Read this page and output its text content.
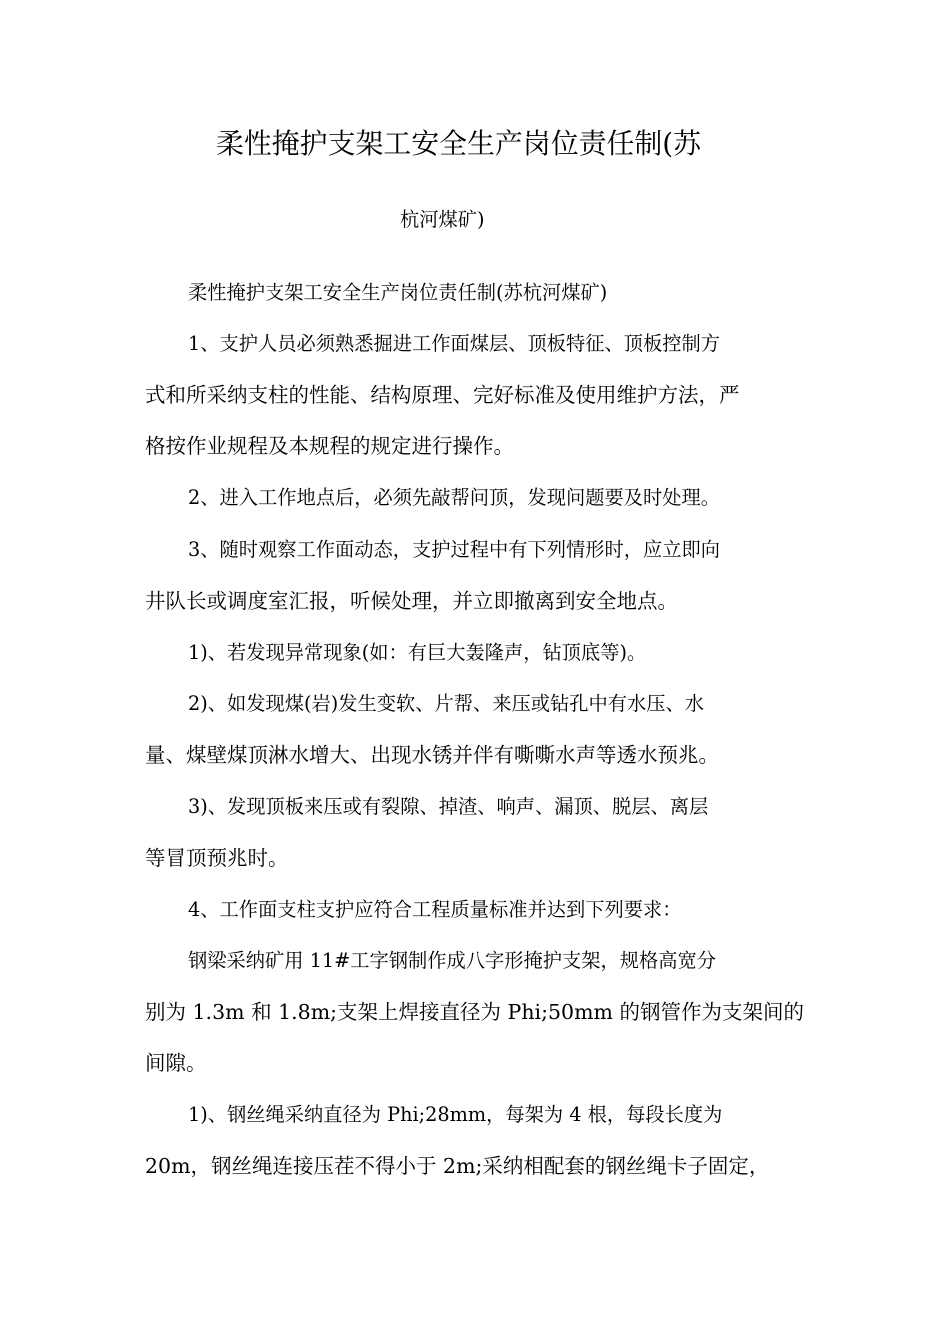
柔性掩护支架工安全生产岗位责任制(苏
杭河煤矿)

柔性掩护支架工安全生产岗位责任制(苏杭河煤矿)

1、支护人员必须熟悉掘进工作面煤层、顶板特征、顶板控制方

式和所采纳支柱的性能、结构原理、完好标准及使用维护方法，严

格按作业规程及本规程的规定进行操作。

2、进入工作地点后，必须先敲帮问顶，发现问题要及时处理。

3、随时观察工作面动态，支护过程中有下列情形时，应立即向

井队长或调度室汇报，听候处理，并立即撤离到安全地点。

1)、若发现异常现象(如：有巨大轰隆声，钻顶底等)。

2)、如发现煤(岩)发生变软、片帮、来压或钻孔中有水压、水

量、煤壁煤顶淋水增大、出现水锈并伴有嘶嘶水声等透水预兆。

3)、发现顶板来压或有裂隙、掉渣、响声、漏顶、脱层、离层

等冒顶预兆时。

4、工作面支柱支护应符合工程质量标准并达到下列要求：

钢梁采纳矿用 11#工字钢制作成八字形掩护支架，规格高宽分

别为 1.3m 和 1.8m;支架上焊接直径为 Phi;50mm 的钢管作为支架间的

间隙。

1)、钢丝绳采纳直径为 Phi;28mm，每架为 4 根，每段长度为

20m，钢丝绳连接压茬不得小于 2m;采纳相配套的钢丝绳卡子固定，
